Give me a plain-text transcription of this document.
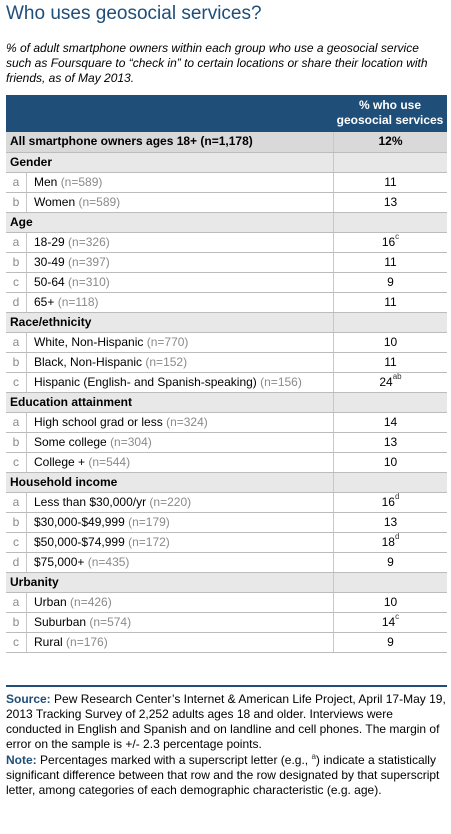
Who uses geosocial services?
% of adult smartphone owners within each group who use a geosocial service such as Foursquare to “check in” to certain locations or share their location with friends, as of May 2013.
% who use
geosocial services
All smartphone owners ages 18+ (n=1,178)	12%
Gender
a	Men (n=589)	11
b	Women (n=589)	13
Age
a	18-29 (n=326)	16$^c$
b	30-49 (n=397)	11
c	50-64 (n=310)	9
d	65+ (n=118)	11
Race/ethnicity
a	White, Non-Hispanic (n=770)	10
b	Black, Non-Hispanic (n=152)	11
c	Hispanic (English- and Spanish-speaking) (n=156)	$24^{ab}$
Education attainment
a	High school grad or less (n=324)	14
b	Some college (n=304)	13
c	College + (n=544)	10
Household income
a	Less than $30,000/yr (n=220)	16$^d$
b	$30,000-$49,999 (n=179)	13
c	$50,000-$74,999 (n=172)	18$^d$
d	$75,000+ (n=435)	9
Urbanity
a	Urban (n=426)	10
b	Suburban (n=574)	14$^c$
c	Rural (n=176)	9

Source: Pew Research Center’s Internet & American Life Project, April 17-May 19, 2013 Tracking Survey of 2,252 adults ages 18 and older. Interviews were conducted in English and Spanish and on landline and cell phones. The margin of error on the sample is +/- 2.3 percentage points.

Note: Percentages marked with a superscript letter (e.g., $^a$) indicate a statistically significant difference between that row and the row designated by that superscript letter, among categories of each demographic characteristic (e.g. age).
